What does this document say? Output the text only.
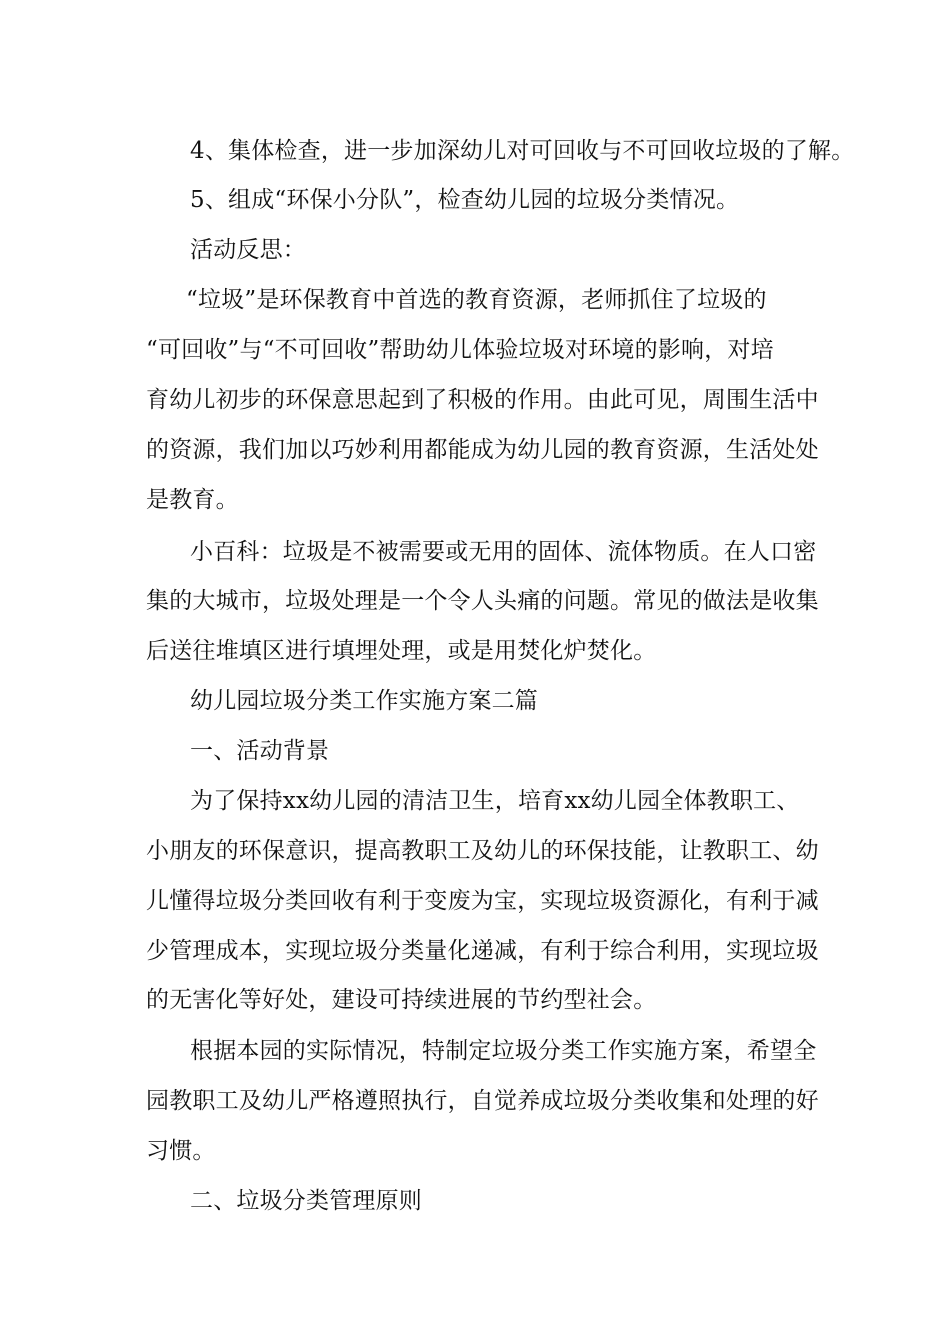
4、集体检查，进一步加深幼儿对可回收与不可回收垃圾的了解。
5、组成“环保小分队”，检查幼儿园的垃圾分类情况。
活动反思：
“垃圾”是环保教育中首选的教育资源，老师抓住了垃圾的
“可回收”与“不可回收”帮助幼儿体验垃圾对环境的影响，对培
育幼儿初步的环保意思起到了积极的作用。由此可见，周围生活中
的资源，我们加以巧妙利用都能成为幼儿园的教育资源，生活处处
是教育。
小百科：垃圾是不被需要或无用的固体、流体物质。在人口密
集的大城市，垃圾处理是一个令人头痛的问题。常见的做法是收集
后送往堆填区进行填埋处理，或是用焚化炉焚化。
幼儿园垃圾分类工作实施方案二篇
一、活动背景
为了保持xx幼儿园的清洁卫生，培育xx幼儿园全体教职工、
小朋友的环保意识，提高教职工及幼儿的环保技能，让教职工、幼
儿懂得垃圾分类回收有利于变废为宝，实现垃圾资源化，有利于减
少管理成本，实现垃圾分类量化递减，有利于综合利用，实现垃圾
的无害化等好处，建设可持续进展的节约型社会。
根据本园的实际情况，特制定垃圾分类工作实施方案，希望全
园教职工及幼儿严格遵照执行，自觉养成垃圾分类收集和处理的好
习惯。
二、垃圾分类管理原则
